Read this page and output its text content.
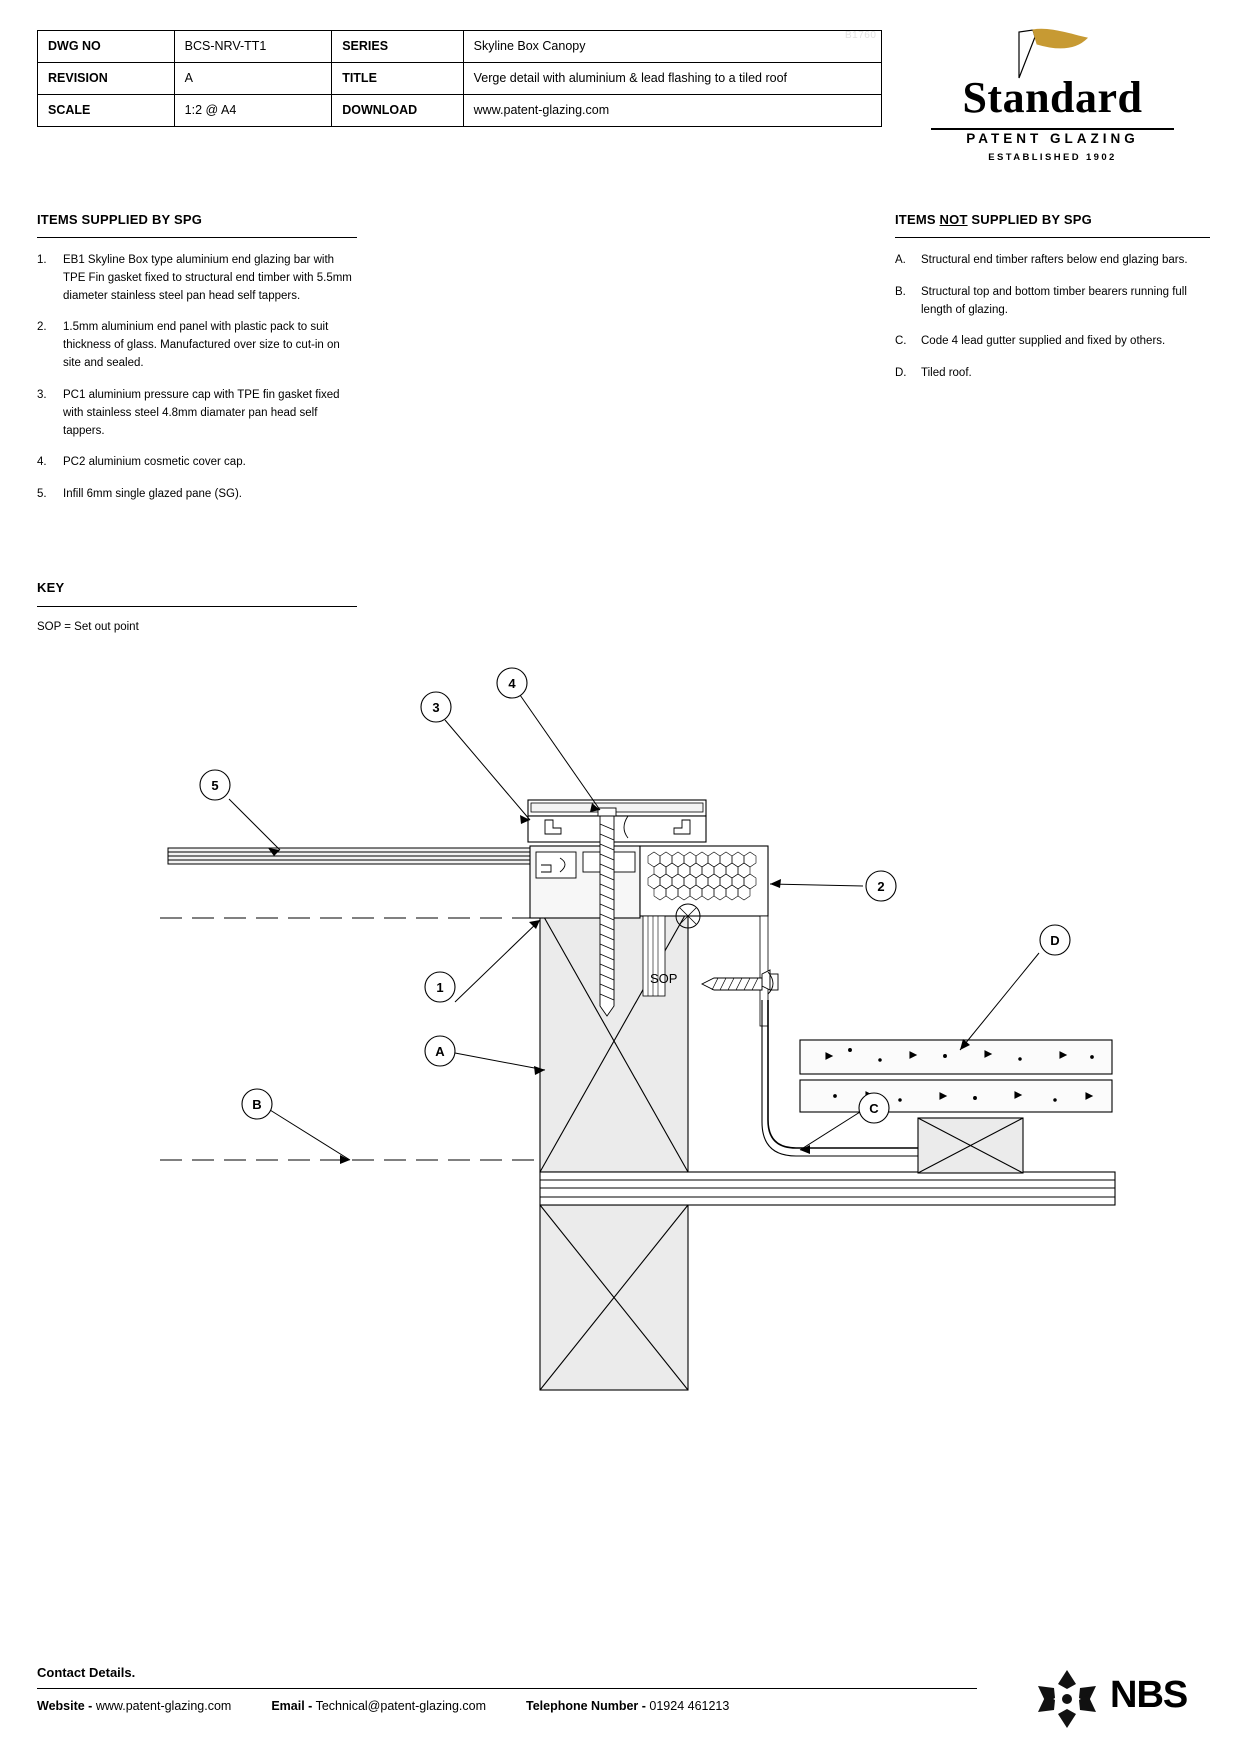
DWG NO	BCS-NRV-TT1	SERIES	Skyline Box Canopy
REVISION	A	TITLE	Verge detail with aluminium & lead flashing to a tiled roof
SCALE	1:2 @ A4	DOWNLOAD	www.patent-glazing.com
B1760
Standard
PATENT GLAZING
ESTABLISHED 1902
ITEMS SUPPLIED BY SPG
1.	EB1 Skyline Box type aluminium end glazing bar with TPE Fin gasket fixed to structural end timber with 5.5mm diameter stainless steel pan head self tappers.
2.	1.5mm aluminium end panel with plastic pack to suit thickness of glass. Manufactured over size to cut-in on site and sealed.
3.	PC1 aluminium pressure cap with TPE fin gasket fixed with stainless steel 4.8mm diamater pan head self tappers.
4.	PC2 aluminium cosmetic cover cap.
5.	Infill 6mm single glazed pane (SG).
ITEMS NOT SUPPLIED BY SPG
A.	Structural end timber rafters below end glazing bars.
B.	Structural top and bottom timber bearers running full length of glazing.
C.	Code 4 lead gutter supplied and fixed by others.
D.	Tiled roof.
KEY
SOP = Set out point
5
3
4
2
1
D
A
C
B
SOP
Contact Details.
Website - www.patent-glazing.com	Email - Technical@patent-glazing.com	Telephone Number - 01924 461213	NBS
